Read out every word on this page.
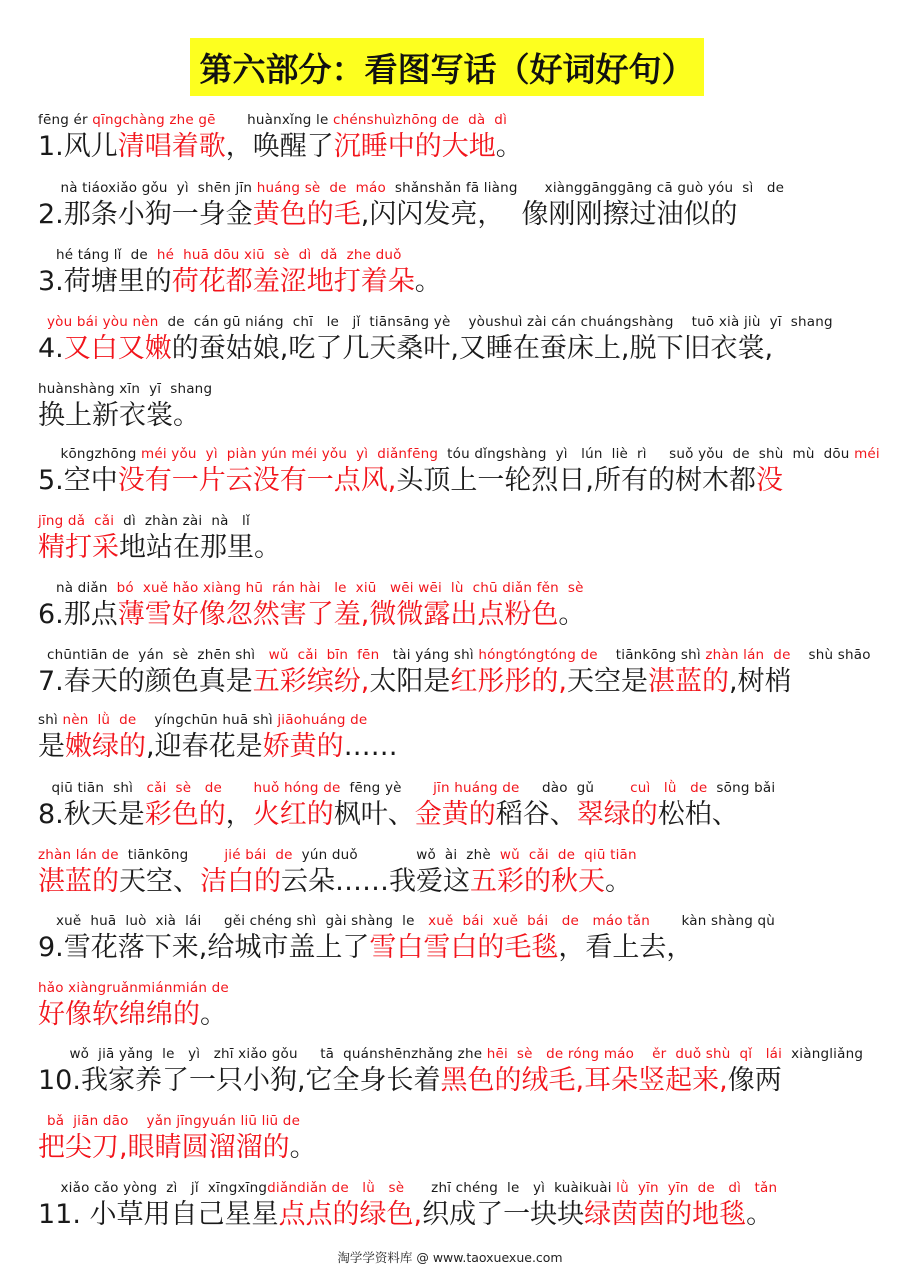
第六部分：看图写话（好词好句）
fēng ér qīngchàng zhe gē       huànxǐng le chénshuìzhōng de  dà  dì
1.风儿清唱着歌，唤醒了沉睡中的大地。
nà tiáoxiǎo gǒu  yì  shēn jīn huáng sè  de  máo  shǎnshǎn fā liàng      xiànggānggāng cā guò yóu  sì   de
2.那条小狗一身金黄色的毛,闪闪发亮，  像刚刚擦过油似的
hé táng lǐ  de  hé  huā dōu xiū  sè  dì  dǎ  zhe duǒ
3.荷塘里的荷花都羞涩地打着朵。
yòu bái yòu nèn  de  cán gū niáng  chī   le   jǐ  tiānsāng yè    yòushuì zài cán chuángshàng    tuō xià jiù  yī  shang
4.又白又嫩的蚕姑娘,吃了几天桑叶,又睡在蚕床上,脱下旧衣裳,
huànshàng xīn  yī  shang
换上新衣裳。
kōngzhōng méi yǒu  yì  piàn yún méi yǒu  yì  diǎnfēng  tóu dǐngshàng  yì   lún  liè  rì     suǒ yǒu  de  shù  mù  dōu méi
5.空中没有一片云没有一点风,头顶上一轮烈日,所有的树木都没
jīng dǎ  cǎi  dì  zhàn zài  nà   lǐ
精打采地站在那里。
nà diǎn  bó  xuě hǎo xiàng hū  rán hài   le  xiū   wēi wēi  lù  chū diǎn fěn  sè
6.那点薄雪好像忽然害了羞,微微露出点粉色。
chūntiān de  yán  sè  zhēn shì   wǔ  cǎi  bīn  fēn   tài yáng shì hóngtóngtóng de    tiānkōng shì zhàn lán  de    shù shāo
7.春天的颜色真是五彩缤纷,太阳是红彤彤的,天空是湛蓝的,树梢
shì nèn  lǜ  de    yíngchūn huā shì jiāohuáng de
是嫩绿的,迎春花是娇黄的……
qiū tiān  shì   cǎi  sè   de huǒ hóng de  fēng yè       jīn huáng de     dào  gǔ        cuì   lǜ   de  sōng bǎi
8.秋天是彩色的，火红的枫叶、金黄的稻谷、翠绿的松柏、
zhàn lán de  tiānkōng        jié bái  de  yún duǒ             wǒ  ài  zhè  wǔ  cǎi  de  qiū tiān
湛蓝的天空、洁白的云朵……我爱这五彩的秋天。
xuě  huā  luò  xià  lái     gěi chéng shì  gài shàng  le   xuě  bái  xuě  bái   de   máo tǎn       kàn shàng qù
9.雪花落下来,给城市盖上了雪白雪白的毛毯，看上去，
hǎo xiàngruǎnmiánmián de
好像软绵绵的。
wǒ  jiā yǎng  le   yì   zhī xiǎo gǒu     tā  quánshēnzhǎng zhe hēi  sè   de róng máo ěr  duǒ shù  qǐ   lái  xiàngliǎng
10.我家养了一只小狗,它全身长着黑色的绒毛,耳朵竖起来,像两
bǎ  jiān dāo yǎn jīngyuán liū liū de
把尖刀,眼睛圆溜溜的。
xiǎo cǎo yòng  zì   jǐ  xīngxīngdiǎndiǎn de   lǜ   sè      zhī chéng  le   yì  kuàikuài lǜ  yīn  yīn  de   dì   tǎn
11. 小草用自己星星点点的绿色,织成了一块块绿茵茵的地毯。
淘学学资料库 @ www.taoxuexue.com
